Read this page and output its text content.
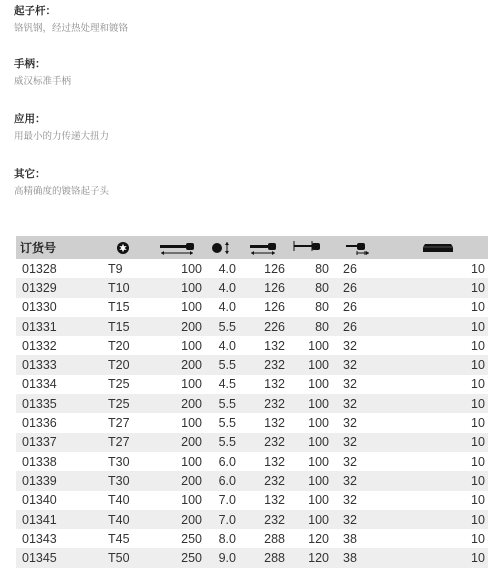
起子杆：
铬钒钢，经过热处理和镀铬
手柄：
威汉标准手柄
应用：
用最小的力传递大扭力
其它：
高精确度的镀铬起子头
订货号	

01328	T9	100	4.0	126	80	26	10
01329	T10	100	4.0	126	80	26	10
01330	T15	100	4.0	126	80	26	10
01331	T15	200	5.5	226	80	26	10
01332	T20	100	4.0	132	100	32	10
01333	T20	200	5.5	232	100	32	10
01334	T25	100	4.5	132	100	32	10
01335	T25	200	5.5	232	100	32	10
01336	T27	100	5.5	132	100	32	10
01337	T27	200	5.5	232	100	32	10
01338	T30	100	6.0	132	100	32	10
01339	T30	200	6.0	232	100	32	10
01340	T40	100	7.0	132	100	32	10
01341	T40	200	7.0	232	100	32	10
01343	T45	250	8.0	288	120	38	10
01345	T50	250	9.0	288	120	38	10
